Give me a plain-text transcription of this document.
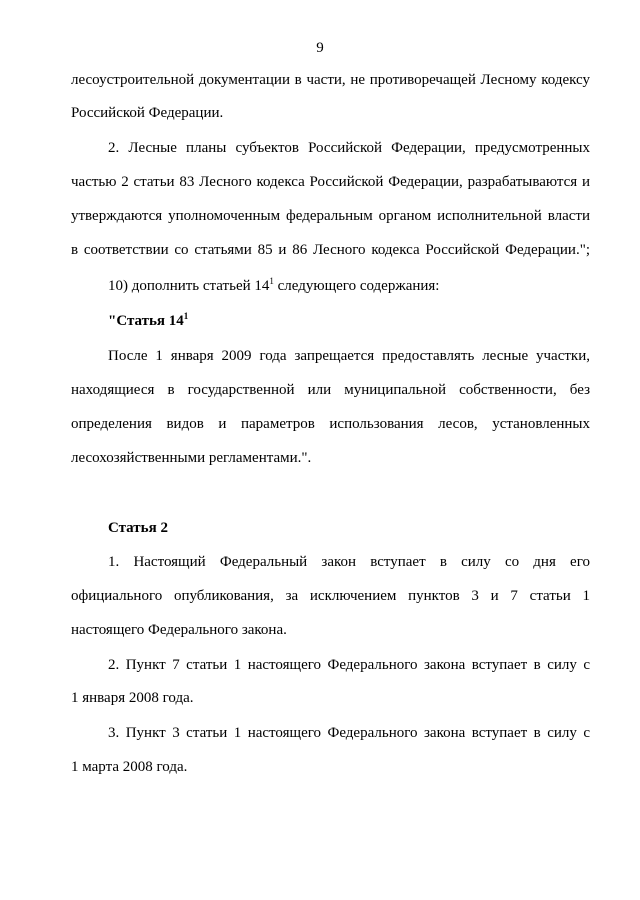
9
лесоустроительной документации в части, не противоречащей Лесному кодексу
Российской Федерации.
2. Лесные планы субъектов Российской Федерации, предусмотренных
частью 2 статьи 83 Лесного кодекса Российской Федерации, разрабатываются и
утверждаются уполномоченным федеральным органом исполнительной власти
в соответствии со статьями 85 и 86 Лесного кодекса Российской Федерации.";
10) дополнить статьей $14^1$ следующего содержания:
"Статья $14^1$
После 1 января 2009 года запрещается предоставлять лесные участки,
находящиеся в государственной или муниципальной собственности, без
определения видов и параметров использования лесов, установленных
лесохозяйственными регламентами.".
Статья 2
1. Настоящий Федеральный закон вступает в силу со дня его
официального опубликования, за исключением пунктов 3 и 7 статьи 1
настоящего Федерального закона.
2. Пункт 7 статьи 1 настоящего Федерального закона вступает в силу с
1 января 2008 года.
3. Пункт 3 статьи 1 настоящего Федерального закона вступает в силу с
1 марта 2008 года.
